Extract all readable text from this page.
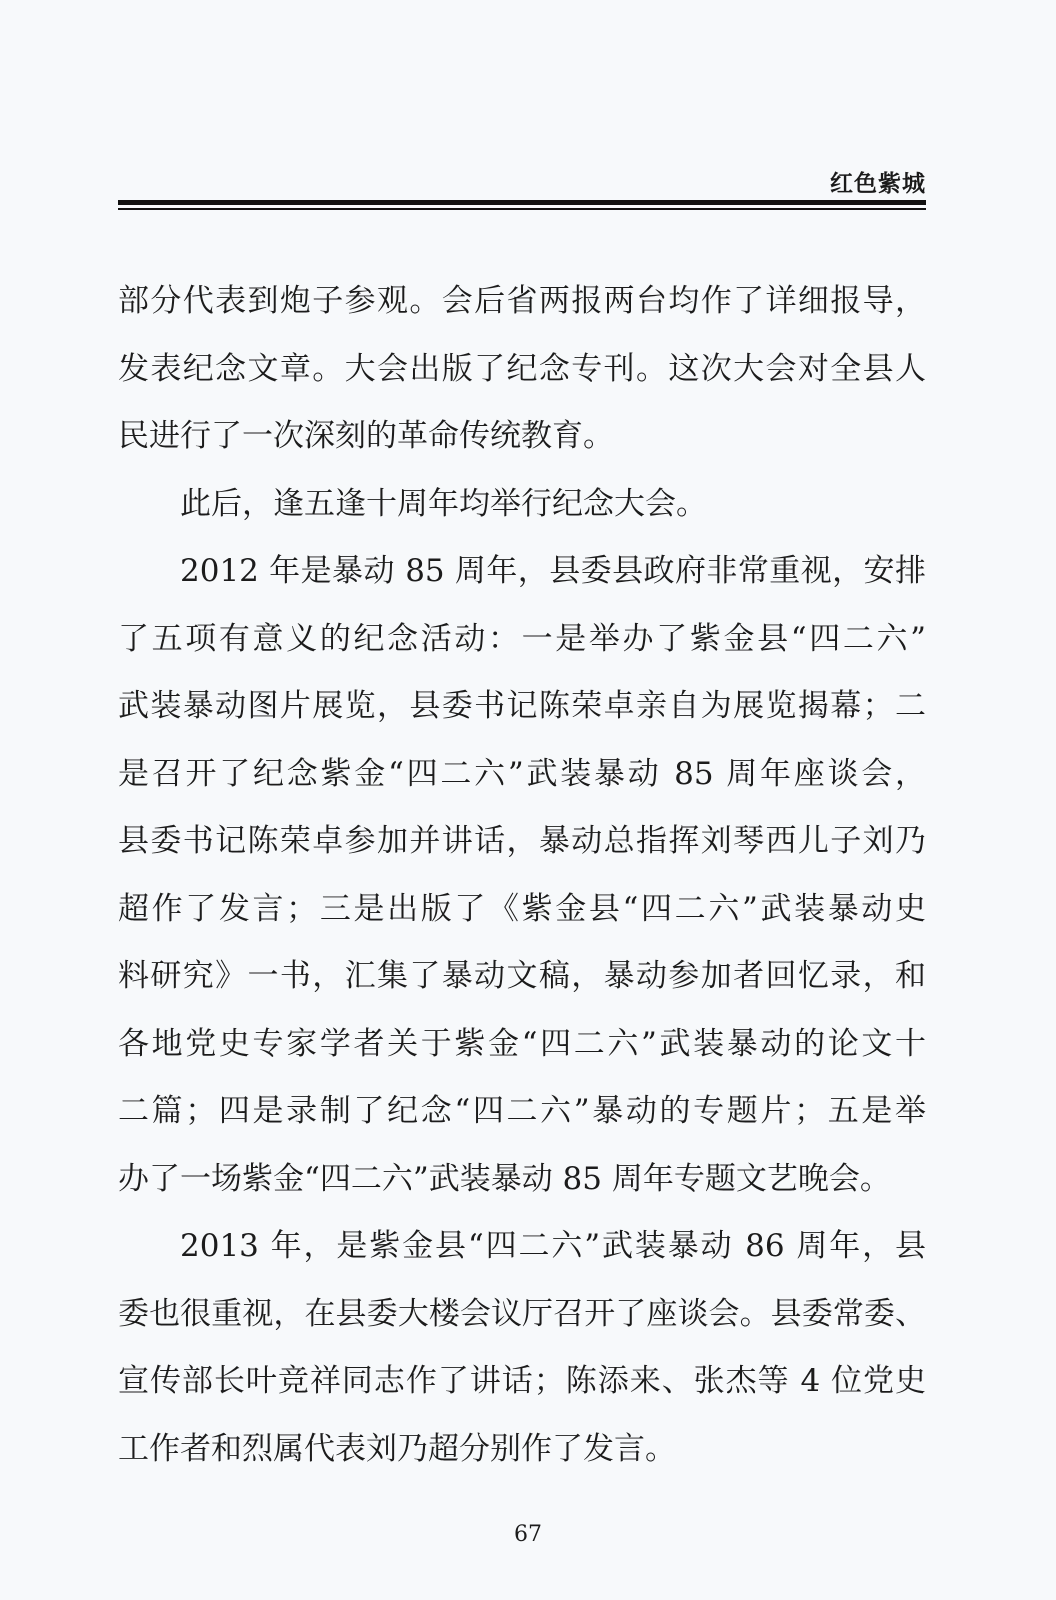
红色紫城

部分代表到炮子参观。会后省两报两台均作了详细报导，
发表纪念文章。大会出版了纪念专刊。这次大会对全县人
民进行了一次深刻的革命传统教育。

此后，逢五逢十周年均举行纪念大会。

2012 年是暴动 85 周年，县委县政府非常重视，安排
了五项有意义的纪念活动：一是举办了紫金县“四二六”
武装暴动图片展览，县委书记陈荣卓亲自为展览揭幕；二
是召开了纪念紫金“四二六”武装暴动 85 周年座谈会，
县委书记陈荣卓参加并讲话，暴动总指挥刘琴西儿子刘乃
超作了发言；三是出版了《紫金县“四二六”武装暴动史
料研究》一书，汇集了暴动文稿，暴动参加者回忆录，和
各地党史专家学者关于紫金“四二六”武装暴动的论文十
二篇；四是录制了纪念“四二六”暴动的专题片；五是举
办了一场紫金“四二六”武装暴动 85 周年专题文艺晚会。

2013 年，是紫金县“四二六”武装暴动 86 周年，县
委也很重视，在县委大楼会议厅召开了座谈会。县委常委、
宣传部长叶竞祥同志作了讲话；陈添来、张杰等 4 位党史
工作者和烈属代表刘乃超分别作了发言。

67
